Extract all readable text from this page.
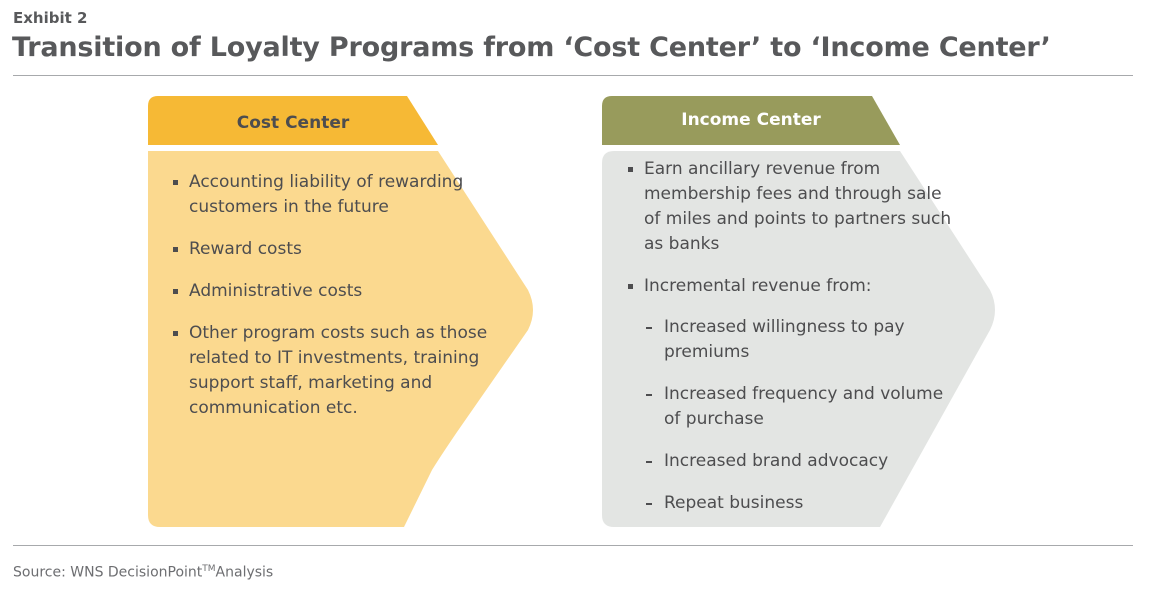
Exhibit 2
Transition of Loyalty Programs from ‘Cost Center’ to ‘Income Center’
Cost Center	Income Center
Accounting liability of rewarding customers in the future
Reward costs
Administrative costs
Other program costs such as those related to IT investments, training support staff, marketing and communication etc.
Earn ancillary revenue from membership fees and through sale of miles and points to partners such as banks
Incremental revenue from:
Increased willingness to pay premiums
Increased frequency and volume of purchase
Increased brand advocacy
Repeat business
Source: WNS DecisionPoint™Analysis
